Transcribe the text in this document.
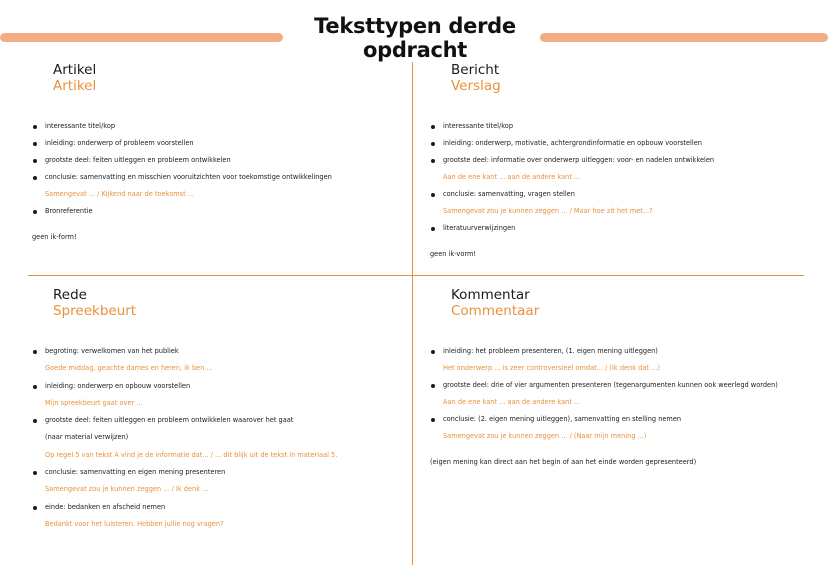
Teksttypen derde opdracht
Artikel
Artikel
interessante titel/kop
inleiding: onderwerp of probleem voorstellen
grootste deel: feiten uitleggen en probleem ontwikkelen
conclusie: samenvatting en misschien vooruitzichten voor toekomstige ontwikkelingen
Samengevat ... / Kijkend naar de toekomst ...
Bronreferentie
geen ik-form!
Bericht
Verslag
interessante titel/kop
inleiding: onderwerp, motivatie, achtergrondinformatie en opbouw voorstellen
grootste deel: informatie over onderwerp uitleggen: voor- en nadelen ontwikkelen
Aan de ene kant ... aan de andere kant ...
conclusie: samenvatting, vragen stellen
Samengevat zou je kunnen zeggen ... / Maar hoe zit het met...?
literatuurverwijzingen
geen ik-vorm!
Rede
Spreekbeurt
begroting: verwelkomen van het publiek
Goede middag, geachte dames en heren, ik ben ...
inleiding: onderwerp en opbouw voorstellen
Mijn spreekbeurt gaat over ...
grootste deel: feiten uitleggen en probleem ontwikkelen waarover het gaat
(naar material verwijzen)
Op regel 5 van tekst A vind je de informatie dat... / ... dit blijk uit de tekst in materiaal 5.
conclusie: samenvatting en eigen mening presenteren
Samengevat zou je kunnen zeggen ... / Ik denk ...
einde: bedanken en afscheid nemen
Bedankt voor het luisteren. Hebben jullie nog vragen?
Kommentar
Commentaar
inleiding: het probleem presenteren, (1. eigen mening uitleggen)
Het onderwerp ... is zeer controversieel omdat... / (Ik denk dat ...)
grootste deel: drie of vier argumenten presenteren (tegenargumenten kunnen ook weerlegd worden)
Aan de ene kant ... aan de andere kant ...
conclusie: (2. eigen mening uitleggen), samenvatting en stelling nemen
Samengevat zou je kunnen zeggen ... / (Naar mijn mening ...)
(eigen mening kan direct aan het begin of aan het einde worden gepresenteerd)
